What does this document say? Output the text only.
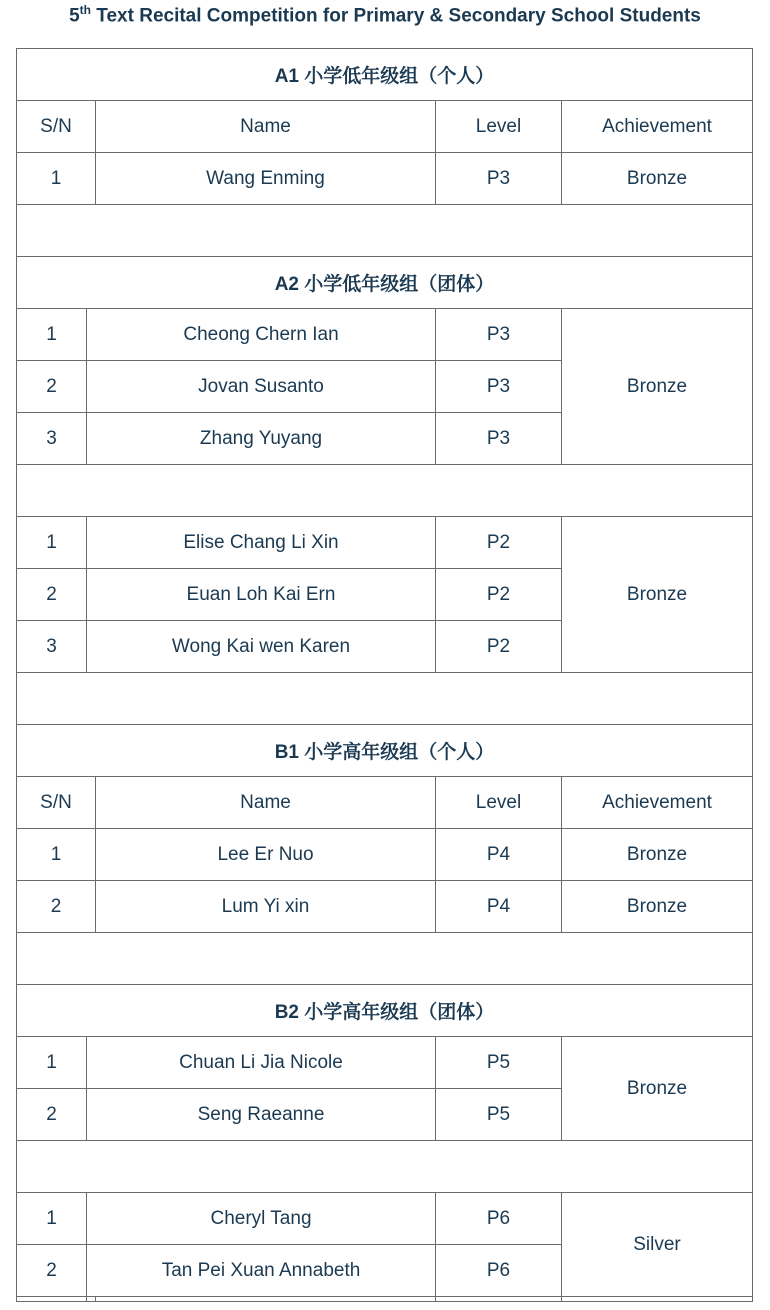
5th Text Recital Competition for Primary & Secondary School Students
A1 小学低年级组（个人）
S/N	Name	Level	Achievement
1	Wang Enming	P3	Bronze
A2 小学低年级组（团体）
1	Cheong Chern Ian	P3
2	Jovan Susanto	P3
3	Zhang Yuyang	P3
Bronze
1	Elise Chang Li Xin	P2
2	Euan Loh Kai Ern	P2
3	Wong Kai wen Karen	P2
Bronze
B1 小学高年级组（个人）
S/N	Name	Level	Achievement
1	Lee Er Nuo	P4	Bronze
2	Lum Yi xin	P4	Bronze
B2 小学高年级组（团体）
1	Chuan Li Jia Nicole	P5
2	Seng Raeanne	P5
Bronze
1	Cheryl Tang	P6
2	Tan Pei Xuan Annabeth	P6
Silver
